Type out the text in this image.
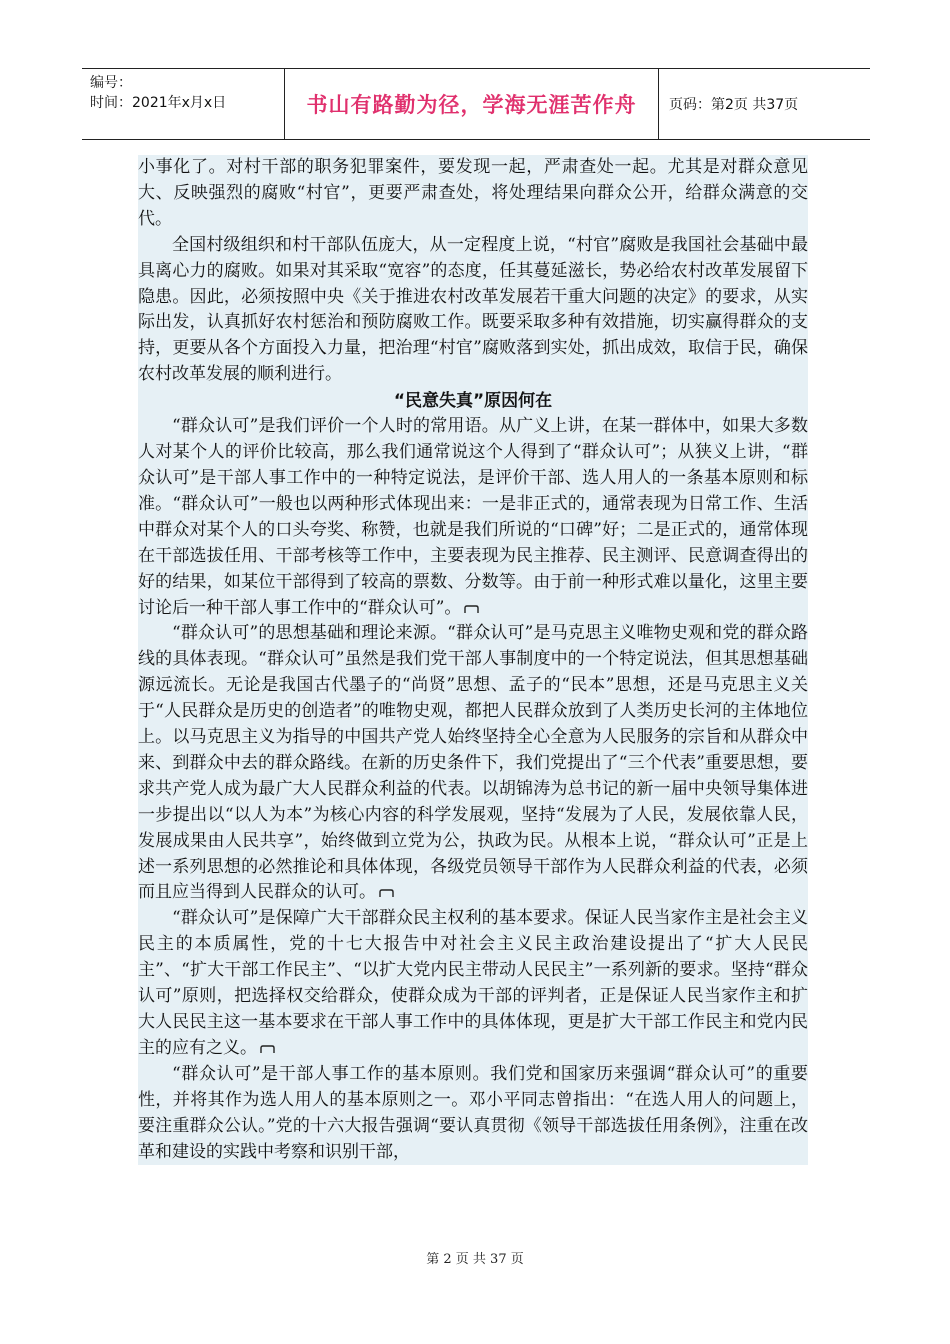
编号：
时间：2021年x月x日	书山有路勤为径，学海无涯苦作舟 页码：第2页 共37页

小事化了。对村干部的职务犯罪案件，要发现一起，严肃查处一起。尤其是对群众意见大、反映强烈的腐败“村官”，更要严肃查处，将处理结果向群众公开，给群众满意的交代。

全国村级组织和村干部队伍庞大，从一定程度上说，“村官”腐败是我国社会基础中最具离心力的腐败。如果对其采取“宽容”的态度，任其蔓延滋长，势必给农村改革发展留下隐患。因此，必须按照中央《关于推进农村改革发展若干重大问题的决定》的要求，从实际出发，认真抓好农村惩治和预防腐败工作。既要采取多种有效措施，切实赢得群众的支持，更要从各个方面投入力量，把治理“村官”腐败落到实处，抓出成效，取信于民，确保农村改革发展的顺利进行。

“民意失真”原因何在

“群众认可”是我们评价一个人时的常用语。从广义上讲，在某一群体中，如果大多数人对某个人的评价比较高，那么我们通常说这个人得到了“群众认可”；从狭义上讲，“群众认可”是干部人事工作中的一种特定说法，是评价干部、选人用人的一条基本原则和标准。“群众认可”一般也以两种形式体现出来：一是非正式的，通常表现为日常工作、生活中群众对某个人的口头夸奖、称赞，也就是我们所说的“口碑”好；二是正式的，通常体现在干部选拔任用、干部考核等工作中，主要表现为民主推荐、民主测评、民意调查得出的好的结果，如某位干部得到了较高的票数、分数等。由于前一种形式难以量化，这里主要讨论后一种干部人事工作中的“群众认可”。

“群众认可”的思想基础和理论来源。“群众认可”是马克思主义唯物史观和党的群众路线的具体表现。“群众认可”虽然是我们党干部人事制度中的一个特定说法，但其思想基础源远流长。无论是我国古代墨子的“尚贤”思想、孟子的“民本”思想，还是马克思主义关于“人民群众是历史的创造者”的唯物史观，都把人民群众放到了人类历史长河的主体地位上。以马克思主义为指导的中国共产党人始终坚持全心全意为人民服务的宗旨和从群众中来、到群众中去的群众路线。在新的历史条件下，我们党提出了“三个代表”重要思想，要求共产党人成为最广大人民群众利益的代表。以胡锦涛为总书记的新一届中央领导集体进一步提出以“以人为本”为核心内容的科学发展观，坚持“发展为了人民，发展依靠人民，发展成果由人民共享”，始终做到立党为公，执政为民。从根本上说，“群众认可”正是上述一系列思想的必然推论和具体体现，各级党员领导干部作为人民群众利益的代表，必须而且应当得到人民群众的认可。

“群众认可”是保障广大干部群众民主权利的基本要求。保证人民当家作主是社会主义民主的本质属性，党的十七大报告中对社会主义民主政治建设提出了“扩大人民民主”、“扩大干部工作民主”、“以扩大党内民主带动人民民主”一系列新的要求。坚持“群众认可”原则，把选择权交给群众，使群众成为干部的评判者，正是保证人民当家作主和扩大人民民主这一基本要求在干部人事工作中的具体体现，更是扩大干部工作民主和党内民主的应有之义。

“群众认可”是干部人事工作的基本原则。我们党和国家历来强调“群众认可”的重要性，并将其作为选人用人的基本原则之一。邓小平同志曾指出：“在选人用人的问题上，要注重群众公认。”党的十六大报告强调“要认真贯彻《领导干部选拔任用条例》，注重在改革和建设的实践中考察和识别干部，

第 2 页 共 37 页
